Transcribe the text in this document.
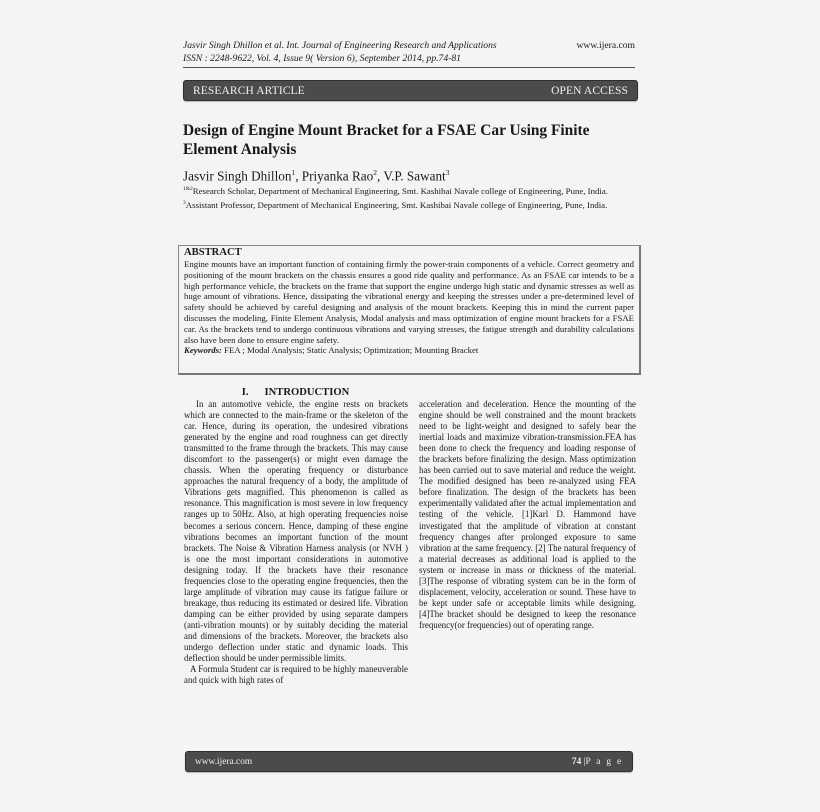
Jasvir Singh Dhillon et al. Int. Journal of Engineering Research and Applications	www.ijera.com
ISSN : 2248-9622, Vol. 4, Issue 9( Version 6), September 2014, pp.74-81
RESEARCH ARTICLE	OPEN ACCESS
Design of Engine Mount Bracket for a FSAE Car Using Finite Element Analysis
Jasvir Singh Dhillon$^1$, Priyanka Rao$^2$, V.P. Sawant$^3$
$^{1\&2}$Research Scholar, Department of Mechanical Engineering, Smt. Kashibai Navale college of Engineering, Pune, India.
$^3$Assistant Professor, Department of Mechanical Engineering, Smt. Kashibai Navale college of Engineering, Pune, India.
ABSTRACT

Engine mounts have an important function of containing firmly the power-train components of a vehicle. Correct geometry and positioning of the mount brackets on the chassis ensures a good ride quality and performance. As an FSAE car intends to be a high performance vehicle, the brackets on the frame that support the engine undergo high static and dynamic stresses as well as huge amount of vibrations. Hence, dissipating the vibrational energy and keeping the stresses under a pre-determined level of safety should be achieved by careful designing and analysis of the mount brackets. Keeping this in mind the current paper discusses the modeling, Finite Element Analysis, Modal analysis and mass optimization of engine mount brackets for a FSAE car. As the brackets tend to undergo continuous vibrations and varying stresses, the fatigue strength and durability calculations also have been done to ensure engine safety.

Keywords: FEA ; Modal Analysis; Static Analysis; Optimization; Mounting Bracket

I. INTRODUCTION

In an automotive vehicle, the engine rests on brackets which are connected to the main-frame or the skeleton of the car. Hence, during its operation, the undesired vibrations generated by the engine and road roughness can get directly transmitted to the frame through the brackets. This may cause discomfort to the passenger(s) or might even damage the chassis. When the operating frequency or disturbance approaches the natural frequency of a body, the amplitude of Vibrations gets magnified. This phenomenon is called as resonance. This magnification is most severe in low frequency ranges up to 50Hz. Also, at high operating frequencies noise becomes a serious concern. Hence, damping of these engine vibrations becomes an important function of the mount brackets. The Noise & Vibration Harness analysis (or NVH ) is one the most important considerations in automotive designing today. If the brackets have their resonance frequencies close to the operating engine frequencies, then the large amplitude of vibration may cause its fatigue failure or breakage, thus reducing its estimated or desired life. Vibration damping can be either provided by using separate dampers (anti-vibration mounts) or by suitably deciding the material and dimensions of the brackets. Moreover, the brackets also undergo deflection under static and dynamic loads. This deflection should be under permissible limits.

A Formula Student car is required to be highly maneuverable and quick with high rates of

acceleration and deceleration. Hence the mounting of the engine should be well constrained and the mount brackets need to be light-weight and designed to safely bear the inertial loads and maximize vibration-transmission.FEA has been done to check the frequency and loading response of the brackets before finalizing the design. Mass optimization has been carried out to save material and reduce the weight. The modified designed has been re-analyzed using FEA before finalization. The design of the brackets has been experimentally validated after the actual implementation and testing of the vehicle. [1]Karl D. Hammond have investigated that the amplitude of vibration at constant frequency changes after prolonged exposure to same vibration at the same frequency. [2] The natural frequency of a material decreases as additional load is applied to the system or increase in mass or thickness of the material.[3]The response of vibrating system can be in the form of displacement, velocity, acceleration or sound. These have to be kept under safe or acceptable limits while designing. [4]The bracket should be designed to keep the resonance frequency(or frequencies) out of operating range.

www.ijera.com	74 |P a g e
